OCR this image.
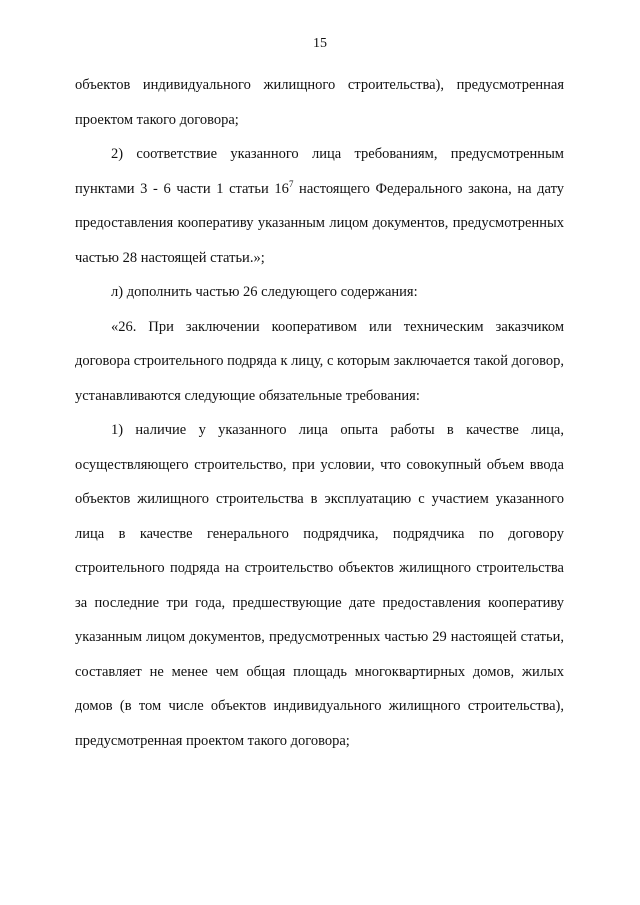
15

объектов индивидуального жилищного строительства), предусмотренная проектом такого договора;

2) соответствие указанного лица требованиям, предусмотренным пунктами 3 - 6 части 1 статьи $16^7$ настоящего Федерального закона, на дату предоставления кооперативу указанным лицом документов, предусмотренных частью 28 настоящей статьи.»;

л) дополнить частью 26 следующего содержания:

«26. При заключении кооперативом или техническим заказчиком договора строительного подряда к лицу, с которым заключается такой договор, устанавливаются следующие обязательные требования:

1) наличие у указанного лица опыта работы в качестве лица, осуществляющего строительство, при условии, что совокупный объем ввода объектов жилищного строительства в эксплуатацию с участием указанного лица в качестве генерального подрядчика, подрядчика по договору строительного подряда на строительство объектов жилищного строительства за последние три года, предшествующие дате предоставления кооперативу указанным лицом документов, предусмотренных частью 29 настоящей статьи, составляет не менее чем общая площадь многоквартирных домов, жилых домов (в том числе объектов индивидуального жилищного строительства), предусмотренная проектом такого договора;
